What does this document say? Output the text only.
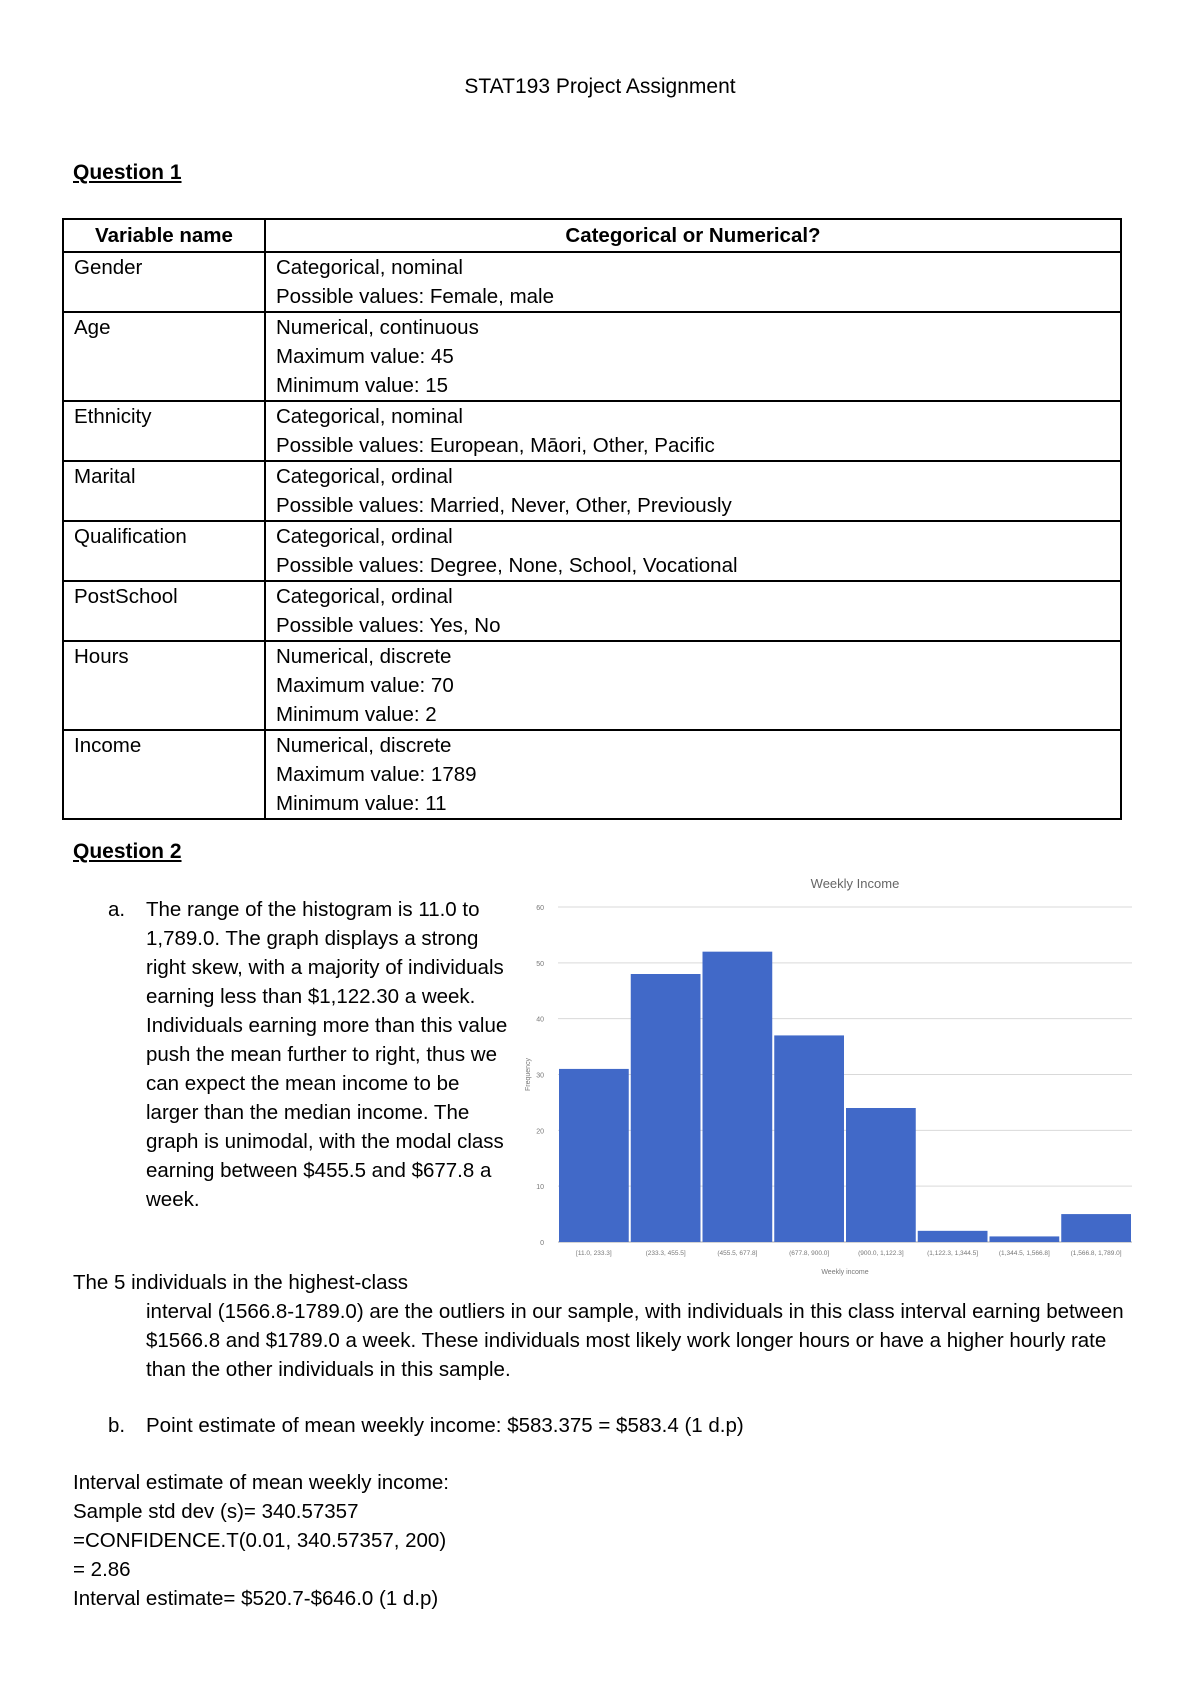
STAT193 Project Assignment
Question 1
Variable name	Categorical or Numerical?
Gender	Categorical, nominal
Possible values: Female, male

Age	Numerical, continuous
Maximum value: 45
Minimum value: 15

Ethnicity	Categorical, nominal
Possible values: European, Māori, Other, Pacific

Marital	Categorical, ordinal
Possible values: Married, Never, Other, Previously

Qualification	Categorical, ordinal
Possible values: Degree, None, School, Vocational

PostSchool	Categorical, ordinal
Possible values: Yes, No

Hours	Numerical, discrete
Maximum value: 70
Minimum value: 2

Income	Numerical, discrete
Maximum value: 1789
Minimum value: 11
Question 2
a. The range of the histogram is 11.0 to 1,789.0. The graph displays a strong right skew, with a majority of individuals earning less than $1,122.30 a week. Individuals earning more than this value push the mean further to right, thus we can expect the mean income to be larger than the median income. The graph is unimodal, with the modal class earning between $455.5 and $677.8 a week.
Weekly Income
0
10
20
30
40
50
60
Frequency
[11.0, 233.3]	(233.3, 455.5]	(455.5, 677.8]	(677.8, 900.0]	(900.0, 1,122.3]	(1,122.3, 1,344.5]	(1,344.5, 1,566.8]	(1,566.8, 1,789.0]
Weekly income
The 5 individuals in the highest-class
interval (1566.8-1789.0) are the outliers in our sample, with individuals in this class interval earning between $1566.8 and $1789.0 a week. These individuals most likely work longer hours or have a higher hourly rate than the other individuals in this sample.
b. Point estimate of mean weekly income: $583.375 = $583.4 (1 d.p)
Interval estimate of mean weekly income:
Sample std dev (s)= 340.57357
=CONFIDENCE.T(0.01, 340.57357, 200)
= 2.86
Interval estimate= $520.7-$646.0 (1 d.p)
